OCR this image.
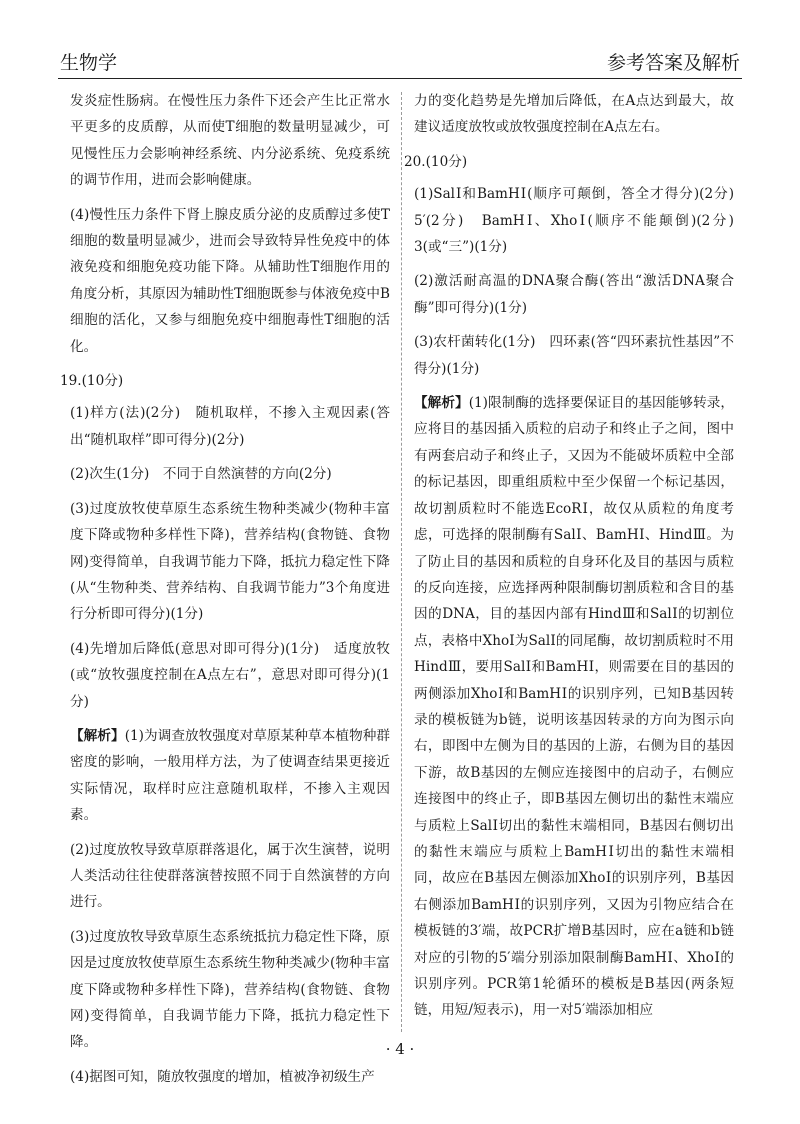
生物学	参考答案及解析

发炎症性肠病。在慢性压力条件下还会产生比正常水平更多的皮质醇，从而使T细胞的数量明显减少，可见慢性压力会影响神经系统、内分泌系统、免疫系统的调节作用，进而会影响健康。

(4)慢性压力条件下肾上腺皮质分泌的皮质醇过多使T细胞的数量明显减少，进而会导致特异性免疫中的体液免疫和细胞免疫功能下降。从辅助性T细胞作用的角度分析，其原因为辅助性T细胞既参与体液免疫中B细胞的活化，又参与细胞免疫中细胞毒性T细胞的活化。

19.(10分)

(1)样方(法)(2分)　随机取样，不掺入主观因素(答出“随机取样”即可得分)(2分)

(2)次生(1分)　不同于自然演替的方向(2分)

(3)过度放牧使草原生态系统生物种类减少(物种丰富度下降或物种多样性下降)，营养结构(食物链、食物网)变得简单，自我调节能力下降，抵抗力稳定性下降(从“生物种类、营养结构、自我调节能力”3个角度进行分析即可得分)(1分)

(4)先增加后降低(意思对即可得分)(1分)　适度放牧(或“放牧强度控制在A点左右”，意思对即可得分)(1分)

【解析】(1)为调查放牧强度对草原某种草本植物种群密度的影响，一般用样方法，为了使调查结果更接近实际情况，取样时应注意随机取样，不掺入主观因素。

(2)过度放牧导致草原群落退化，属于次生演替，说明人类活动往往使群落演替按照不同于自然演替的方向进行。

(3)过度放牧导致草原生态系统抵抗力稳定性下降，原因是过度放牧使草原生态系统生物种类减少(物种丰富度下降或物种多样性下降)，营养结构(食物链、食物网)变得简单，自我调节能力下降，抵抗力稳定性下降。

(4)据图可知，随放牧强度的增加，植被净初级生产

力的变化趋势是先增加后降低，在A点达到最大，故建议适度放牧或放牧强度控制在A点左右。

20.(10分)

(1)SalⅠ和BamHⅠ(顺序可颠倒，答全才得分)(2分)　5′(2分)　BamHⅠ、XhoⅠ(顺序不能颠倒)(2分)　3(或“三”)(1分)

(2)激活耐高温的DNA聚合酶(答出“激活DNA聚合酶”即可得分)(1分)

(3)农杆菌转化(1分)　四环素(答“四环素抗性基因”不得分)(1分)

【解析】(1)限制酶的选择要保证目的基因能够转录，应将目的基因插入质粒的启动子和终止子之间，图中有两套启动子和终止子，又因为不能破坏质粒中全部的标记基因，即重组质粒中至少保留一个标记基因，故切割质粒时不能选EcoRⅠ，故仅从质粒的角度考虑，可选择的限制酶有SalⅠ、BamHⅠ、HindⅢ。为了防止目的基因和质粒的自身环化及目的基因与质粒的反向连接，应选择两种限制酶切割质粒和含目的基因的DNA，目的基因内部有HindⅢ和SalⅠ的切割位点，表格中XhoⅠ为SalⅠ的同尾酶，故切割质粒时不用HindⅢ，要用SalⅠ和BamHⅠ，则需要在目的基因的两侧添加XhoⅠ和BamHⅠ的识别序列，已知B基因转录的模板链为b链，说明该基因转录的方向为图示向右，即图中左侧为目的基因的上游，右侧为目的基因下游，故B基因的左侧应连接图中的启动子，右侧应连接图中的终止子，即B基因左侧切出的黏性末端应与质粒上SalⅠ切出的黏性末端相同，B基因右侧切出的黏性末端应与质粒上BamHⅠ切出的黏性末端相同，故应在B基因左侧添加XhoⅠ的识别序列，B基因右侧添加BamHⅠ的识别序列，又因为引物应结合在模板链的3′端，故PCR扩增B基因时，应在a链和b链对应的引物的5′端分别添加限制酶BamHⅠ、XhoⅠ的识别序列。PCR第1轮循环的模板是B基因(两条短链，用短/短表示)，用一对5′端添加相应

· 4 ·
